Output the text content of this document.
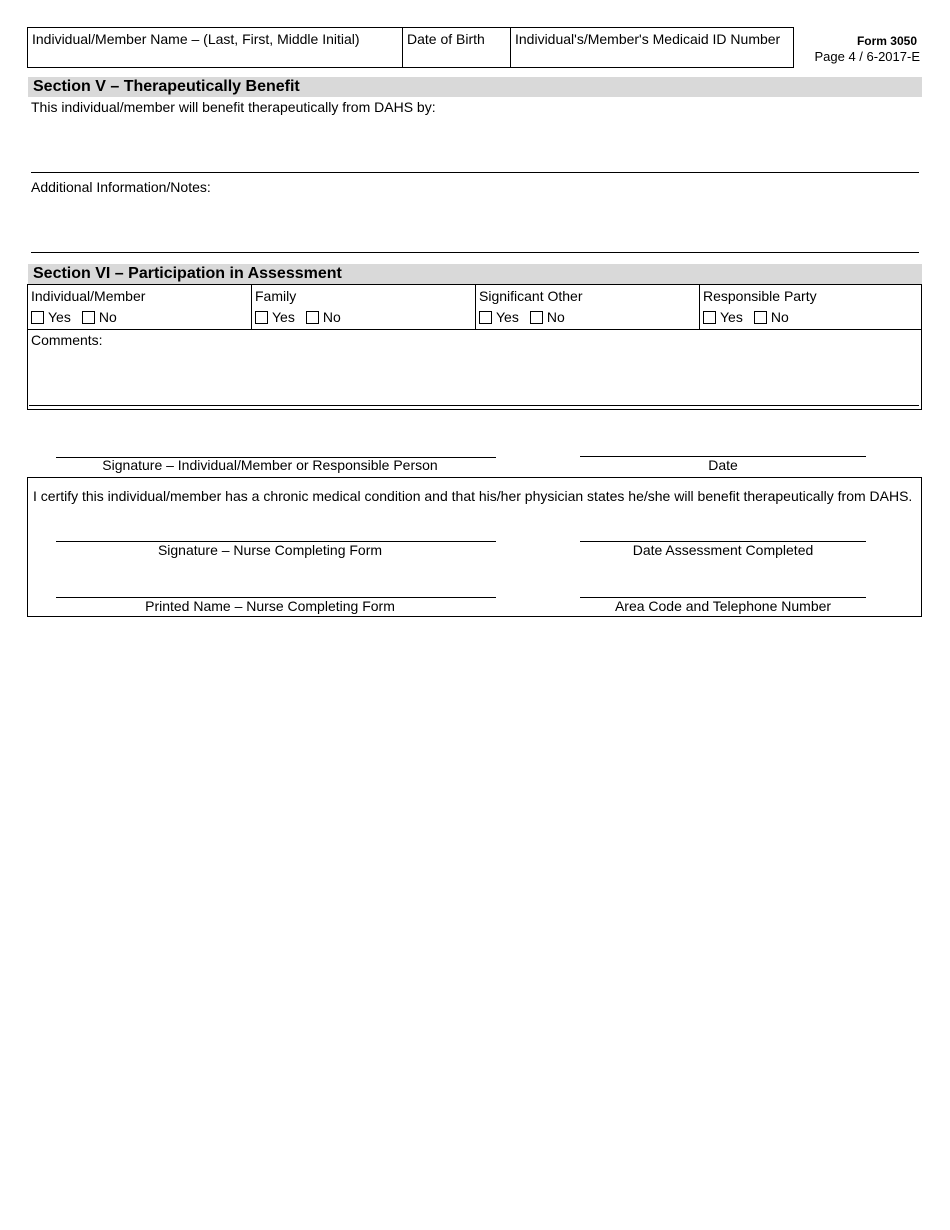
Individual/Member Name – (Last, First, Middle Initial)	Date of Birth	Individual's/Member's Medicaid ID Number	Form 3050
Page 4 / 6-2017-E
Section V – Therapeutically Benefit
This individual/member will benefit therapeutically from DAHS by:
Additional Information/Notes:
Section VI – Participation in Assessment
Individual/Member
Yes No
Family
Yes No
Significant Other
Yes No
Responsible Party
Yes No
Comments:
Signature – Individual/Member or Responsible Person	Date
I certify this individual/member has a chronic medical condition and that his/her physician states he/she will benefit therapeutically from DAHS.
Signature – Nurse Completing Form	Date Assessment Completed
Printed Name – Nurse Completing Form	Area Code and Telephone Number
